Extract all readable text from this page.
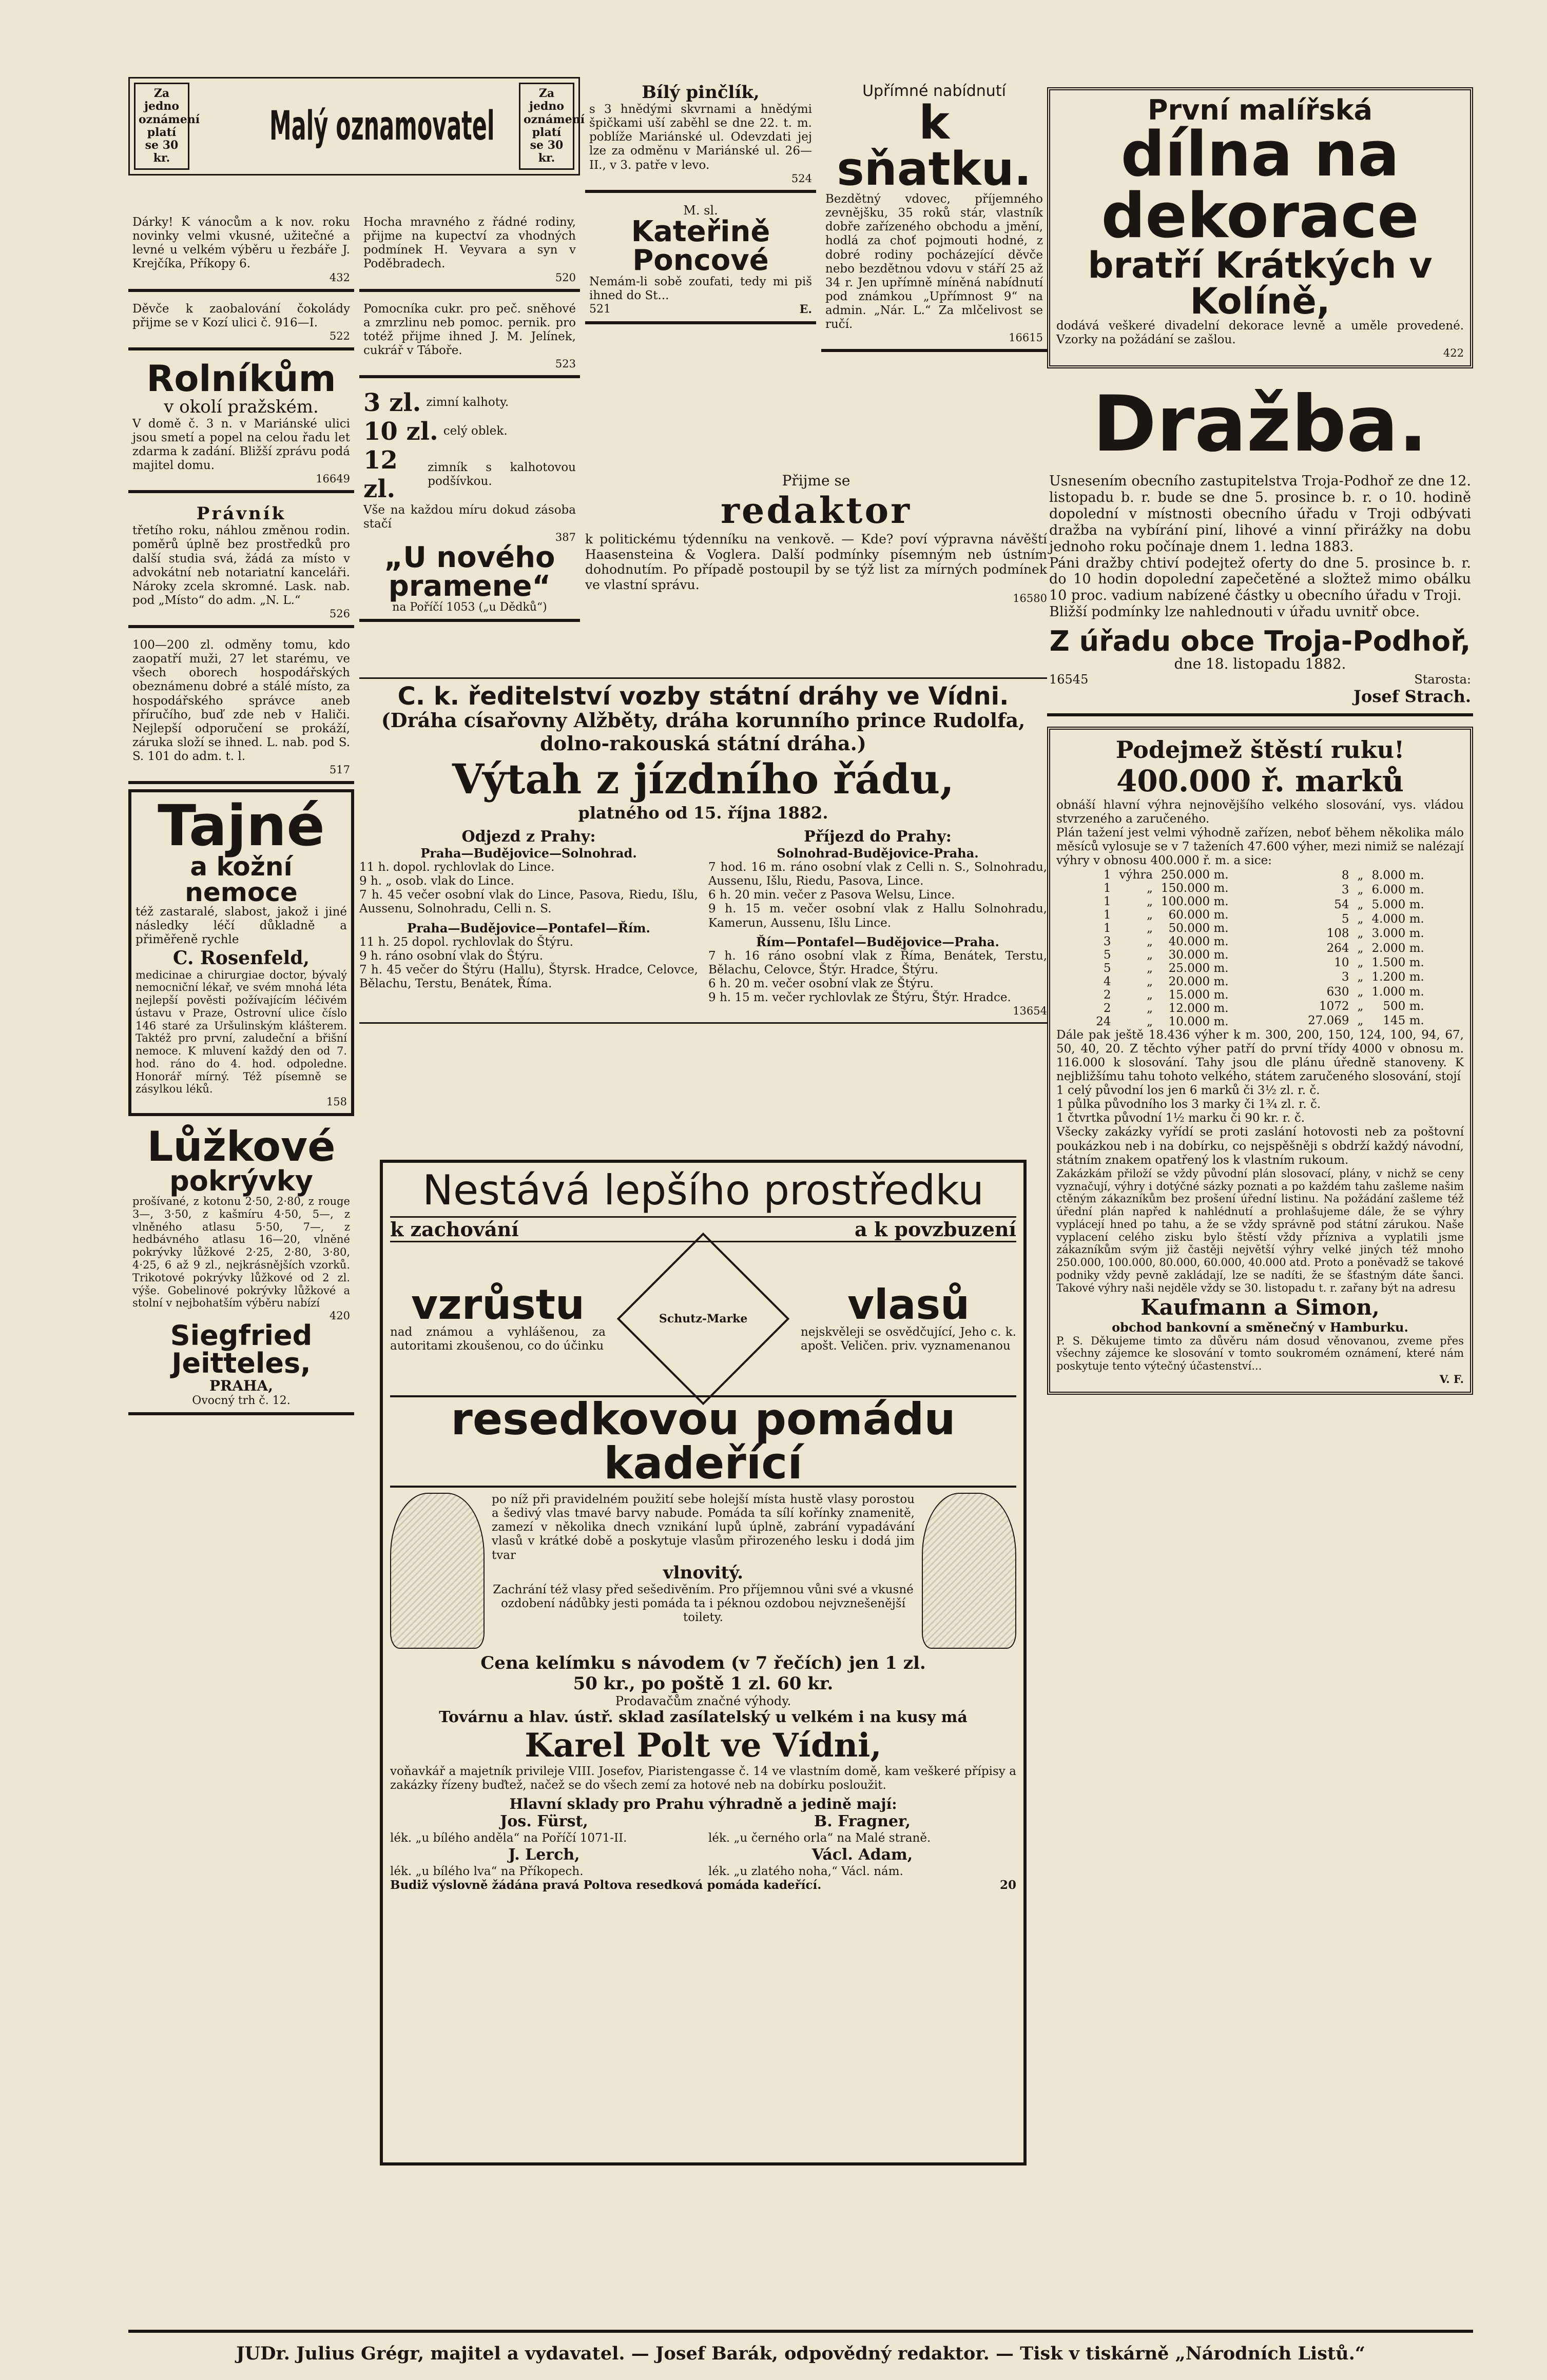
Za jedno oznámení platí se 30 kr.
Malý oznamovatel
Za jedno oznámení platí se 30 kr.
Dárky! K vánocům a k nov. roku novinky velmi vkusné, užitečné a levné u velkém výběru u řezbáře J. Krejčíka, Příkopy 6.
432
Děvče k zaobalování čokolády přijme se v Kozí ulici č. 916—I.
522
Rolníkům
v okolí pražském.
V domě č. 3 n. v Mariánské ulici jsou smetí a popel na celou řadu let zdarma k zadání. Bližší zprávu podá majitel domu.
16649
Právník
třetího roku, náhlou změnou rodin. poměrů úplně bez prostředků pro další studia svá, žádá za místo v advokátní neb notariatní kanceláři. Nároky zcela skromné. Lask. nab. pod „Místo“ do adm. „N. L.“
526
100—200 zl. odměny tomu, kdo zaopatří muži, 27 let starému, ve všech oborech hospodářských obeznámenu dobré a stálé místo, za hospodářského správce aneb příručího, buď zde neb v Haliči. Nejlepší odporučení se prokáží, záruka složí se ihned. L. nab. pod S. S. 101 do adm. t. l.
517
Tajné
a kožní nemoce
též zastaralé, slabost, jakož i jiné následky léčí důkladně a přiměřeně rychle
C. Rosenfeld,
medicinae a chirurgiae doctor, bývalý nemocniční lékař, ve svém mnohá léta nejlepší pověsti požívajícím léčivém ústavu v Praze, Ostrovní ulice číslo 146 staré za Uršulinským klášterem. Taktéž pro první, zaludeční a břišní nemoce. K mluvení každý den od 7. hod. ráno do 4. hod. odpoledne. Honorář mírný. Též písemně se zásylkou léků.
158
Lůžkové
pokrývky
prošívané, z kotonu 2·50, 2·80, z rouge 3—, 3·50, z kašmíru 4·50, 5—, z vlněného atlasu 5·50, 7—, z hedbávného atlasu 16—20, vlněné pokrývky lůžkové 2·25, 2·80, 3·80, 4·25, 6 až 9 zl., nejkrásnějších vzorků. Trikotové pokrývky lůžkové od 2 zl. výše. Gobelinové pokrývky lůžkové a stolní v nejbohatším výběru nabízí
420
Siegfried Jeitteles,
PRAHA,
Ovocný trh č. 12.
Hocha mravného z řádné rodiny, přijme na kupectví za vhodných podmínek H. Veyvara a syn v Poděbradech.
520
Pomocníka cukr. pro peč. sněhové a zmrzlinu neb pomoc. pernik. pro totéž přijme ihned J. M. Jelínek, cukrář v Táboře.
523
3 zl. zimní kalhoty.
10 zl. celý oblek.
12 zl.
zimník s kalhotovou podšívkou.
Vše na každou míru dokud zásoba stačí
387
„U nového pramene“
na Poříčí 1053 („u Dědků“)
Bílý pinčlík,
s 3 hnědými skvrnami a hnědými špičkami uší zaběhl se dne 22. t. m. poblíže Mariánské ul. Odevzdati jej lze za odměnu v Mariánské ul. 26—II., v 3. patře v levo.
524
M. sl.
Kateřině Poncové
Nemám-li sobě zoufati, tedy mi piš ihned do St...
521	E.
Upřímné nabídnutí
k sňatku.
Bezdětný vdovec, příjemného zevnějšku, 35 roků stár, vlastník dobře zařízeného obchodu a jmění, hodlá za choť pojmouti hodné, z dobré rodiny pocházející děvče nebo bezdětnou vdovu v stáří 25 až 34 r. Jen upřímně míněná nabídnutí pod známkou „Upřímnost 9“ na admin. „Nár. L.“ Za mlčelivost se ručí.
16615
Přijme se
redaktor
k politickému týdenníku na venkově. — Kde? poví výpravna návěští Haasensteina & Voglera. Další podmínky písemným neb ústním dohodnutím. Po případě postoupil by se týž list za mírných podmínek ve vlastní správu.
16580
C. k. ředitelství vozby státní dráhy ve Vídni.
(Dráha císařovny Alžběty, dráha korunního prince Rudolfa, dolno-rakouská státní dráha.)
Výtah z jízdního řádu,
platného od 15. října 1882.
Odjezd z Prahy:
Praha—Budějovice—Solnohrad.
11 h. dopol. rychlovlak do Lince.
9 h. „ osob. vlak do Lince.
7 h. 45 večer osobní vlak do Lince, Pasova, Riedu, Išlu, Aussenu, Solnohradu, Celli n. S.
Praha—Budějovice—Pontafel—Řím.
11 h. 25 dopol. rychlovlak do Štýru.
9 h. ráno osobní vlak do Štýru.
7 h. 45 večer do Štýru (Hallu), Štyrsk. Hradce, Celovce, Bělachu, Terstu, Benátek, Říma.
Příjezd do Prahy:
Solnohrad-Budějovice-Praha.
7 hod. 16 m. ráno osobní vlak z Celli n. S., Solnohradu, Aussenu, Išlu, Riedu, Pasova, Lince.
6 h. 20 min. večer z Pasova Welsu, Lince.
9 h. 15 m. večer osobní vlak z Hallu Solnohradu, Kamerun, Aussenu, Išlu Lince.
Řím—Pontafel—Budějovice—Praha.
7 h. 16 ráno osobní vlak z Říma, Benátek, Terstu, Bělachu, Celovce, Štýr. Hradce, Štýru.
6 h. 20 m. večer osobní vlak ze Štýru.
9 h. 15 m. večer rychlovlak ze Štýru, Štýr. Hradce.
13654
Nestává lepšího prostředku
k zachování	a k povzbuzení
vzrůstu
nad známou a vyhlášenou, za autoritami zkoušenou, co do účinku
Schutz-Marke	vlasů
nejskvěleji se osvědčující, Jeho c. k. apošt. Veličen. priv. vyznamenanou
resedkovou pomádu kadeřící
po níž při pravidelném použití sebe holejší místa hustě vlasy porostou a šedivý vlas tmavé barvy nabude. Pomáda ta sílí kořínky znamenitě, zamezí v několika dnech vznikání lupů úplně, zabrání vypadávání vlasů v krátké době a poskytuje vlasům přirozeného lesku i dodá jim tvar
vlnovitý.
Zachrání též vlasy před sešedivěním. Pro příjemnou vůni své a vkusné ozdobení nádůbky jesti pomáda ta i péknou ozdobou nejvznešenější toilety.
Cena kelímku s návodem (v 7 řečích) jen 1 zl.
50 kr., po poště 1 zl. 60 kr.
Prodavačům značné výhody.
Továrnu a hlav. ústř. sklad zasílatelský u velkém i na kusy má
Karel Polt ve Vídni,
voňavkář a majetník privileje VIII. Josefov, Piaristengasse č. 14 ve vlastním domě, kam veškeré přípisy a zakázky řízeny buďtež, načež se do všech zemí za hotové neb na dobírku posloužit.
Hlavní sklady pro Prahu výhradně a jedině mají:
Jos. Fürst,	B. Fragner,
lék. „u bílého anděla“ na Poříčí 1071-II.	lék. „u černého orla“ na Malé straně.
J. Lerch,	Václ. Adam,
lék. „u bílého lva“ na Příkopech.	lék. „u zlatého noha,“ Václ. nám.
Budiž výslovně žádána pravá Poltova resedková pomáda kadeřící.	20
První malířská
dílna na dekorace
bratří Krátkých v Kolíně,
dodává veškeré divadelní dekorace levně a uměle provedené. Vzorky na požádání se zašlou.
422
Dražba.
Usnesením obecního zastupitelstva Troja-Podhoř ze dne 12. listopadu b. r. bude se dne 5. prosince b. r. o 10. hodině dopolední v místnosti obecního úřadu v Troji odbývati dražba na vybírání piní, lihové a vinní přirážky na dobu jednoho roku počínaje dnem 1. ledna 1883.
Páni dražby chtiví podejtež oferty do dne 5. prosince b. r. do 10 hodin dopolední zapečetěné a složtež mimo obálku 10 proc. vadium nabízené částky u obecního úřadu v Troji.
Bližší podmínky lze nahlednouti v úřadu uvnitř obce.
Z úřadu obce Troja-Podhoř,
dne 18. listopadu 1882.
16545	Starosta:
Josef Strach.
Podejmež štěstí ruku!
400.000 ř. marků
obnáší hlavní výhra nejnovějšího velkého slosování, vys. vládou stvrzeného a zaručeného.
Plán tažení jest velmi výhodně zařízen, neboť během několika málo měsíců vylosuje se v 7 taženích 47.600 výher, mezi nimiž se nalézají výhry v obnosu 400.000 ř. m. a sice:
1	výhra	250.000 m.
1	„	150.000 m.
1	„	100.000 m.
1	„	60.000 m.
1	„	50.000 m.
3	„	40.000 m.
5	„	30.000 m.
5	„	25.000 m.
4	„	20.000 m.
2	„	15.000 m.
2	„	12.000 m.
24	„	10.000 m.
8	„	8.000 m.
3	„	6.000 m.
54	„	5.000 m.
5	„	4.000 m.
108	„	3.000 m.
264	„	2.000 m.
10	„	1.500 m.
3	„	1.200 m.
630	„	1.000 m.
1072	„	500 m.
27.069	„	145 m.
Dále pak ještě 18.436 výher k m. 300, 200, 150, 124, 100, 94, 67, 50, 40, 20. Z těchto výher patří do první třídy 4000 v obnosu m. 116.000 k slosování. Tahy jsou dle plánu úředně stanoveny. K nejbližšímu tahu tohoto velkého, státem zaručeného slosování, stojí
1 celý původní los jen 6 marků či 3½ zl. r. č.
1 půlka původního los 3 marky či 1¾ zl. r. č.
1 čtvrtka původní 1½ marku či 90 kr. r. č.
Všecky zakázky vyřídí se proti zaslání hotovosti neb za poštovní poukázkou neb i na dobírku, co nejspěšněji s obdrží každý návodní, státním znakem opatřený los k vlastním rukoum.
Zakázkám přiloží se vždy původní plán slosovací, plány, v nichž se ceny vyznačují, výhry i dotýčné sázky poznati a po každém tahu zašleme našim ctěným zákazníkům bez prošení úřední listinu. Na požádání zašleme též úřední plán napřed k nahlédnutí a prohlašujeme dále, že se výhry vyplácejí hned po tahu, a že se vždy správně pod státní zárukou. Naše vyplacení celého zisku bylo štěstí vždy přízniva a vyplatili jsme zákazníkům svým již častěji největší výhry velké jiných též mnoho 250.000, 100.000, 80.000, 60.000, 40.000 atd. Proto a poněvadž se takové podniky vždy pevně zakládají, lze se nadíti, že se šťastným dáte šanci. Takové výhry naši nejděle vždy se 30. listopadu t. r. zařany být na adresu
Kaufmann a Simon,
obchod bankovní a směnečný v Hamburku.
P. S. Děkujeme timto za důvěru nám dosud věnovanou, zveme přes všechny zájemce ke slosování v tomto soukromém oznámení, které nám poskytuje tento výtečný účastenství...
V. F.
JUDr. Julius Grégr, majitel a vydavatel. — Josef Barák, odpovědný redaktor. — Tisk v tiskárně „Národních Listů.“
